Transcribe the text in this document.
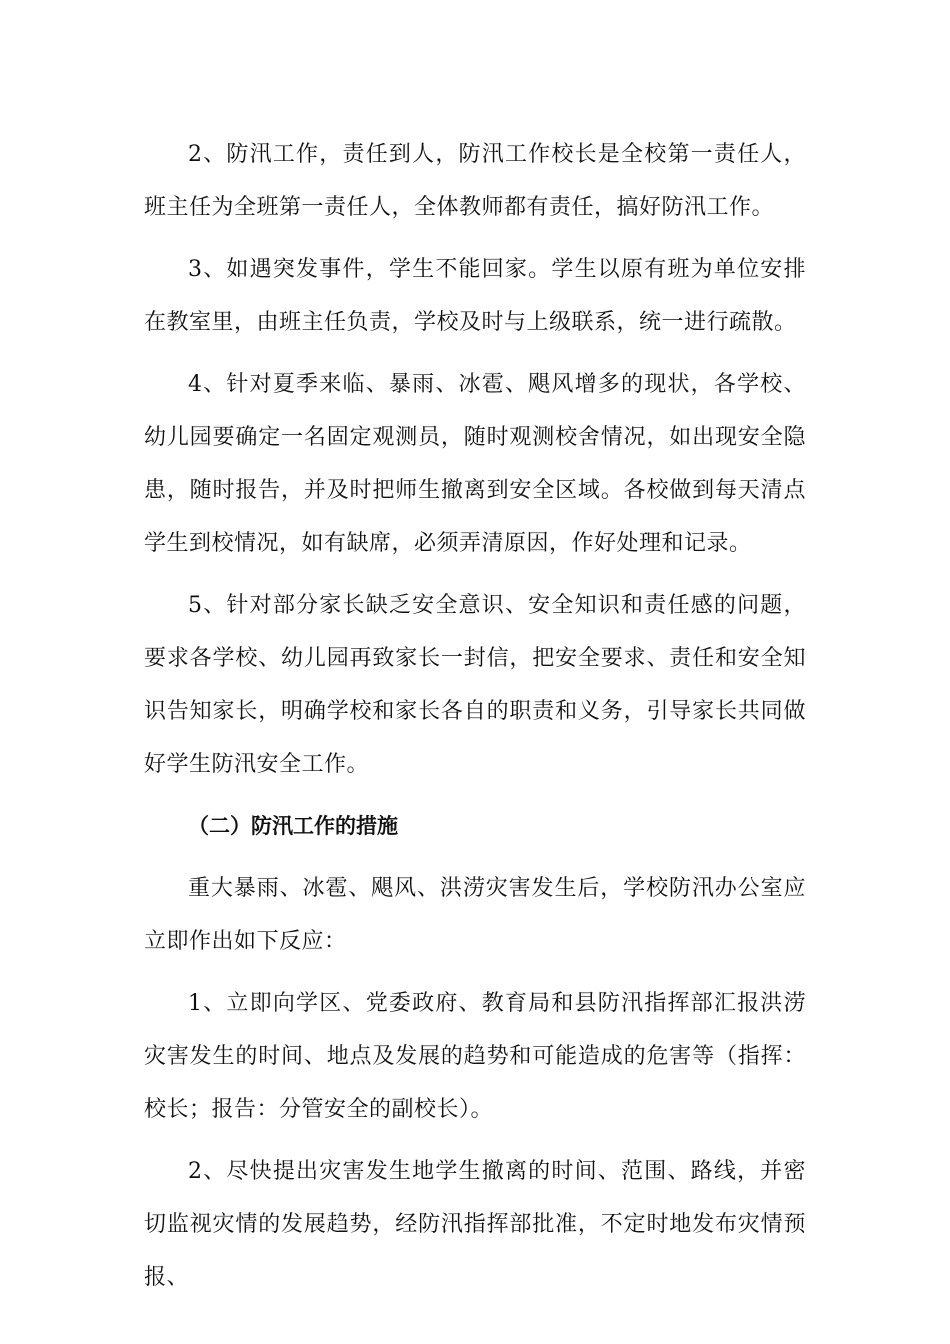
2、防汛工作，责任到人，防汛工作校长是全校第一责任人，班主任为全班第一责任人，全体教师都有责任，搞好防汛工作。

3、如遇突发事件，学生不能回家。学生以原有班为单位安排在教室里，由班主任负责，学校及时与上级联系，统一进行疏散。

4、针对夏季来临、暴雨、冰雹、飓风增多的现状，各学校、幼儿园要确定一名固定观测员，随时观测校舍情况，如出现安全隐患，随时报告，并及时把师生撤离到安全区域。各校做到每天清点学生到校情况，如有缺席，必须弄清原因，作好处理和记录。

5、针对部分家长缺乏安全意识、安全知识和责任感的问题，要求各学校、幼儿园再致家长一封信，把安全要求、责任和安全知识告知家长，明确学校和家长各自的职责和义务，引导家长共同做好学生防汛安全工作。

（二）防汛工作的措施

重大暴雨、冰雹、飓风、洪涝灾害发生后，学校防汛办公室应立即作出如下反应：

1、立即向学区、党委政府、教育局和县防汛指挥部汇报洪涝灾害发生的时间、地点及发展的趋势和可能造成的危害等（指挥：校长；报告：分管安全的副校长）。

2、尽快提出灾害发生地学生撤离的时间、范围、路线，并密切监视灾情的发展趋势，经防汛指挥部批准，不定时地发布灾情预报、
